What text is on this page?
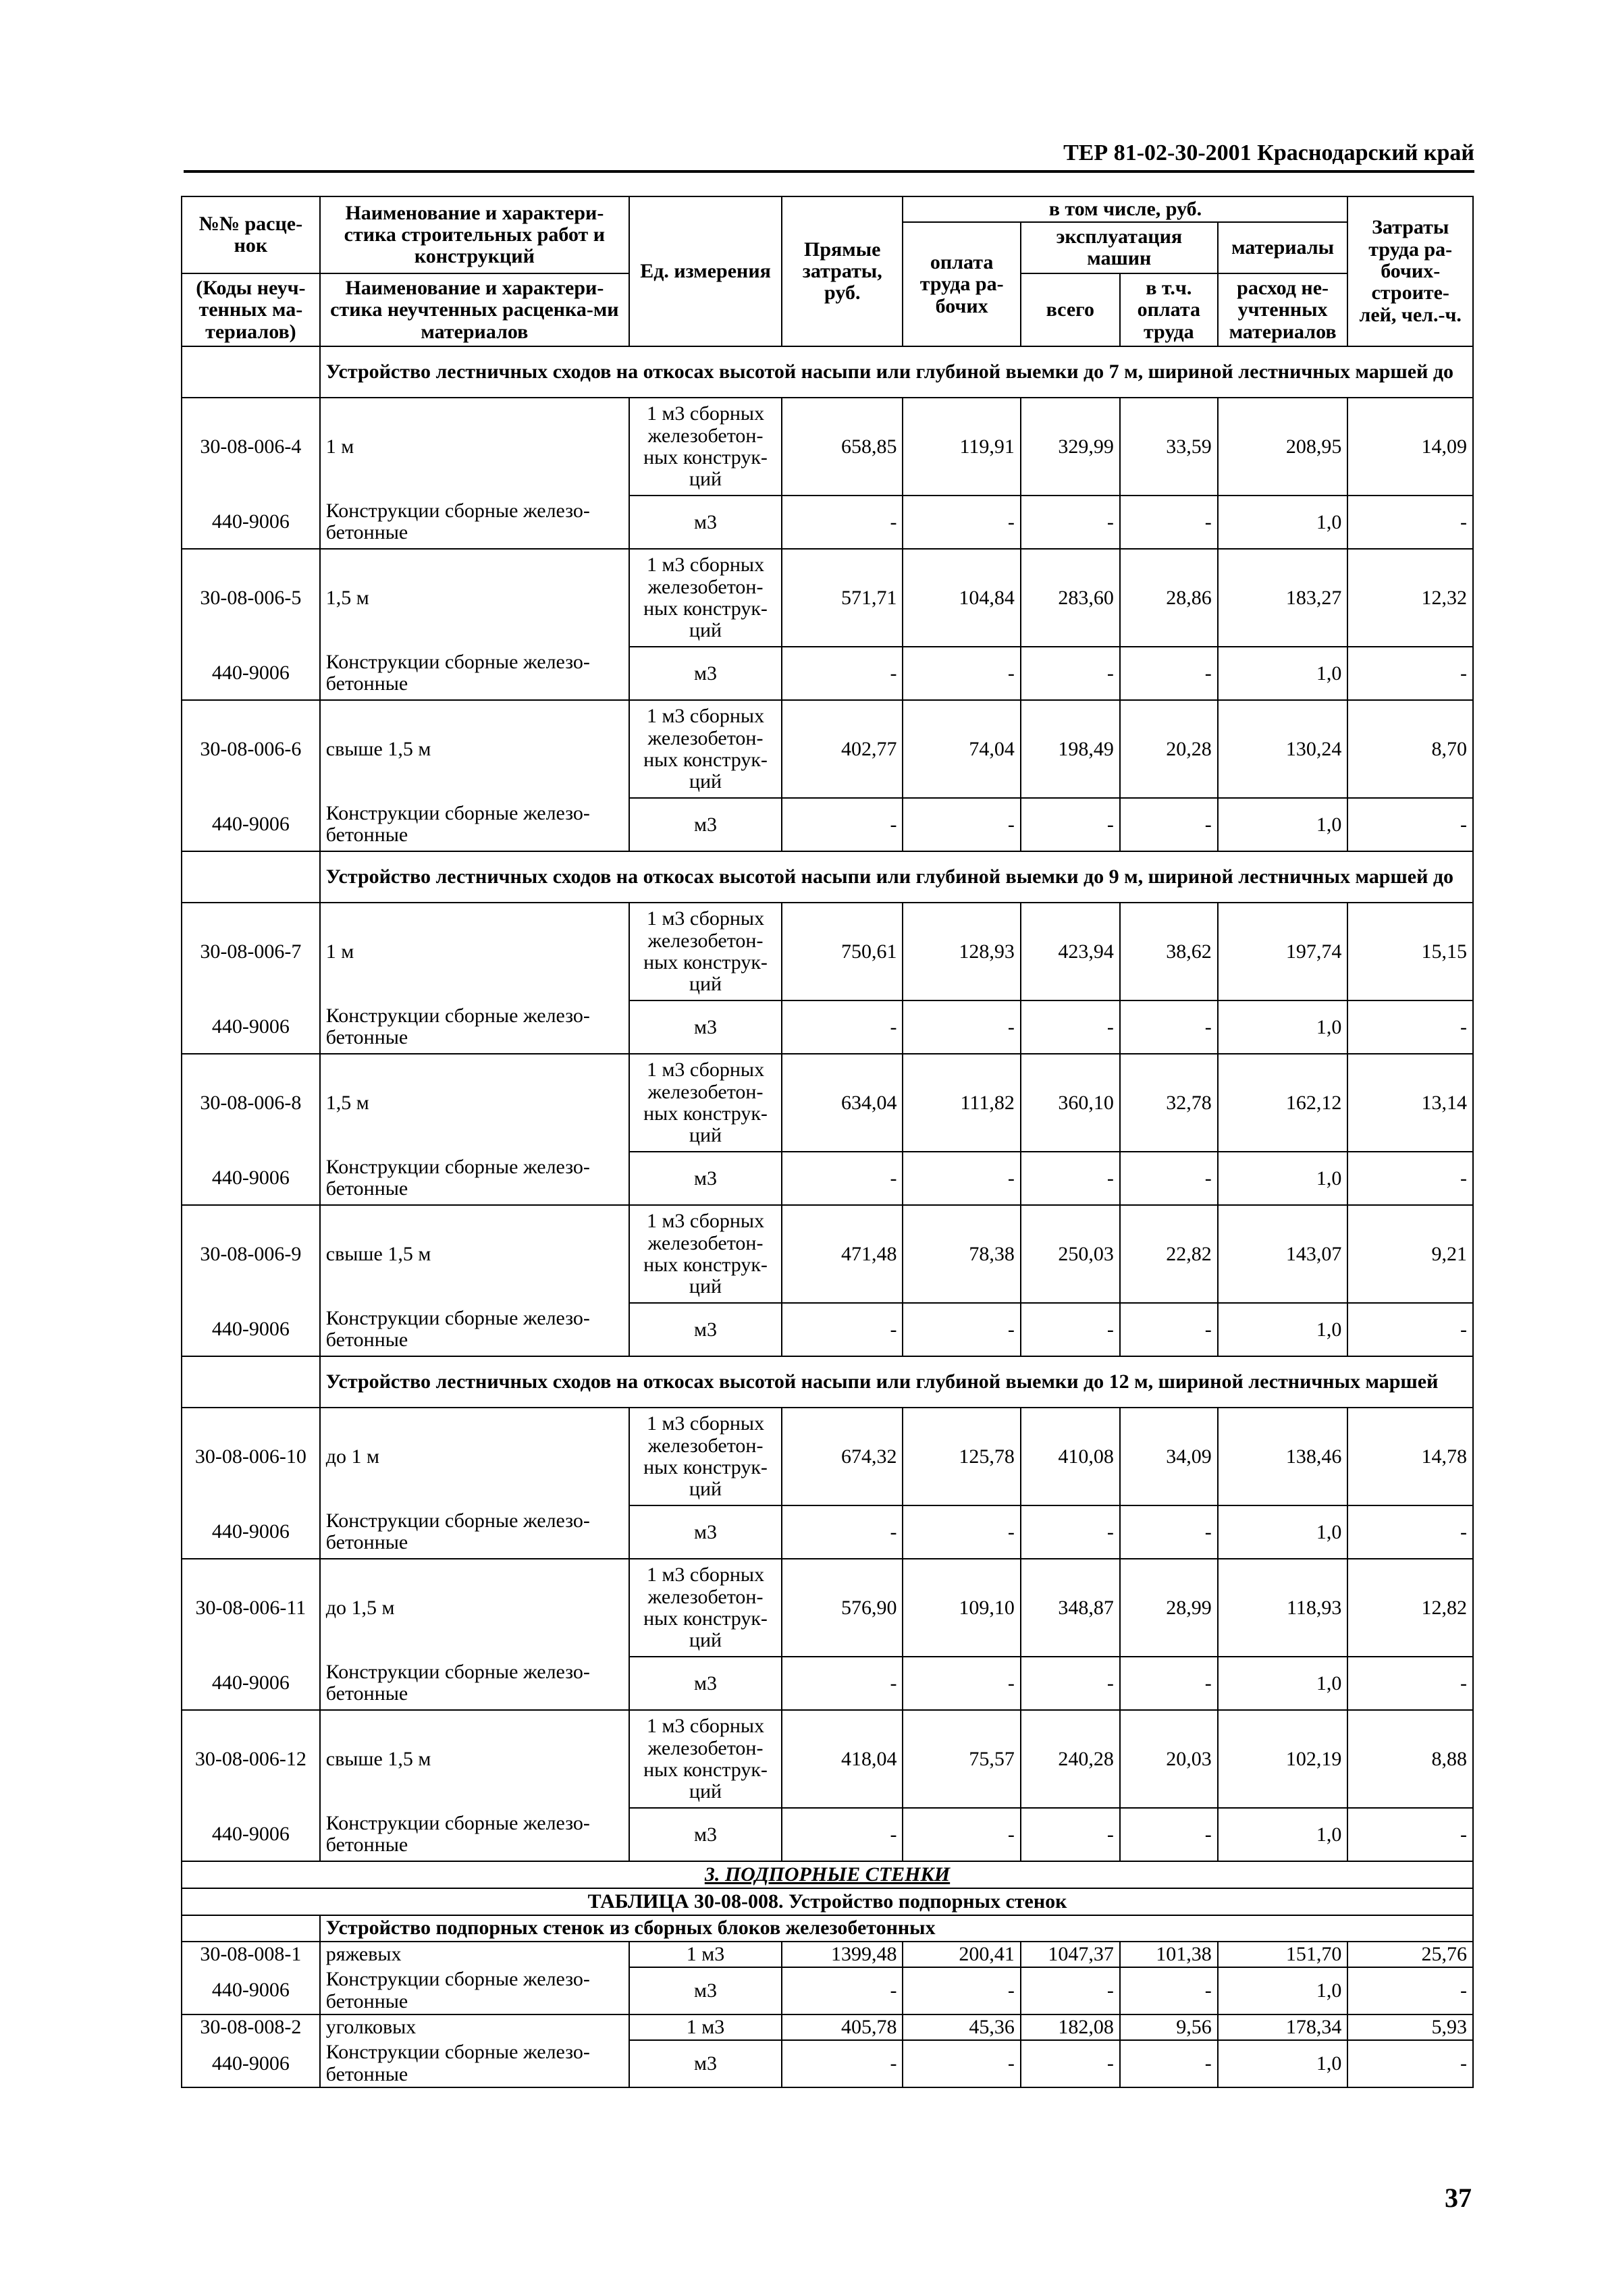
ТЕР 81-02-30-2001 Краснодарский край
№№ расце-нок	Наименование и характери-стика строительных работ и конструкций	Ед. измерения	Прямые затраты, руб.	в том числе, руб.				Затраты труда ра-бочих-строите-лей, чел.-ч.
				оплата труда ра-бочих	эксплуатация машин		материалы	

(Коды неуч-тенных ма-териалов)	Наименование и характери-стика неучтенных расценка-ми материалов				всего	в т.ч. оплата труда	расход не-учтенных материалов	

	Устройство лестничных сходов на откосах высотой насыпи или глубиной выемки до 7 м, шириной лестничных маршей до							
30-08-006-4	1 м	1 м3 сборных железобетон-ных конструк-ций	658,85	119,91	329,99	33,59	208,95	14,09
440-9006	Конструкции сборные железо-бетонные	м3	-	-	-	-	1,0	-
30-08-006-5	1,5 м	1 м3 сборных железобетон-ных конструк-ций	571,71	104,84	283,60	28,86	183,27	12,32
440-9006	Конструкции сборные железо-бетонные	м3	-	-	-	-	1,0	-
30-08-006-6	свыше 1,5 м	1 м3 сборных железобетон-ных конструк-ций	402,77	74,04	198,49	20,28	130,24	8,70
440-9006	Конструкции сборные железо-бетонные	м3	-	-	-	-	1,0	-
	Устройство лестничных сходов на откосах высотой насыпи или глубиной выемки до 9 м, шириной лестничных маршей до							
30-08-006-7	1 м	1 м3 сборных железобетон-ных конструк-ций	750,61	128,93	423,94	38,62	197,74	15,15
440-9006	Конструкции сборные железо-бетонные	м3	-	-	-	-	1,0	-
30-08-006-8	1,5 м	1 м3 сборных железобетон-ных конструк-ций	634,04	111,82	360,10	32,78	162,12	13,14
440-9006	Конструкции сборные железо-бетонные	м3	-	-	-	-	1,0	-
30-08-006-9	свыше 1,5 м	1 м3 сборных железобетон-ных конструк-ций	471,48	78,38	250,03	22,82	143,07	9,21
440-9006	Конструкции сборные железо-бетонные	м3	-	-	-	-	1,0	-
	Устройство лестничных сходов на откосах высотой насыпи или глубиной выемки до 12 м, шириной лестничных маршей							
30-08-006-10	до 1 м	1 м3 сборных железобетон-ных конструк-ций	674,32	125,78	410,08	34,09	138,46	14,78
440-9006	Конструкции сборные железо-бетонные	м3	-	-	-	-	1,0	-
30-08-006-11	до 1,5 м	1 м3 сборных железобетон-ных конструк-ций	576,90	109,10	348,87	28,99	118,93	12,82
440-9006	Конструкции сборные железо-бетонные	м3	-	-	-	-	1,0	-
30-08-006-12	свыше 1,5 м	1 м3 сборных железобетон-ных конструк-ций	418,04	75,57	240,28	20,03	102,19	8,88
440-9006	Конструкции сборные железо-бетонные	м3	-	-	-	-	1,0	-
3. ПОДПОРНЫЕ СТЕНКИ								
ТАБЛИЦА 30-08-008. Устройство подпорных стенок								
	Устройство подпорных стенок из сборных блоков железобетонных							
30-08-008-1	ряжевых	1 м3	1399,48	200,41	1047,37	101,38	151,70	25,76
440-9006	Конструкции сборные железо-бетонные	м3	-	-	-	-	1,0	-
30-08-008-2	уголковых	1 м3	405,78	45,36	182,08	9,56	178,34	5,93
440-9006	Конструкции сборные железо-бетонные	м3	-	-	-	-	1,0	-
37
